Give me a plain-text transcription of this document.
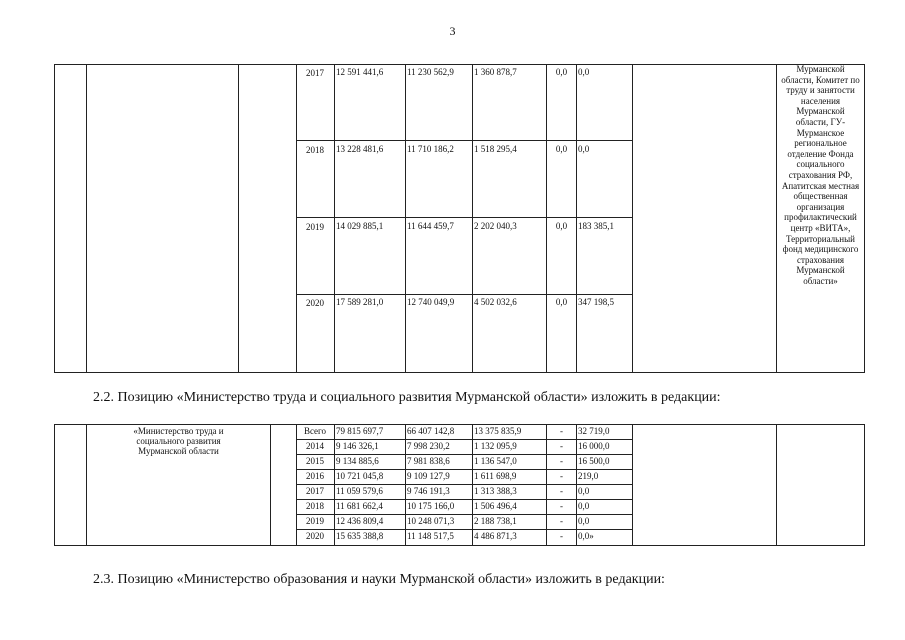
3
2017	12 591 441,6	11 230 562,9	1 360 878,7	0,0	0,0
2018	13 228 481,6	11 710 186,2	1 518 295,4	0,0	0,0
2019	14 029 885,1	11 644 459,7	2 202 040,3	0,0	183 385,1
2020	17 589 281,0	12 740 049,9	4 502 032,6	0,0	347 198,5
Мурманской
области, Комитет по
труду и занятости
населения
Мурманской
области, ГУ-
Мурманское
региональное
отделение Фонда
социального
страхования РФ,
Апатитская местная
общественная
организация
профилактический
центр «ВИТА»,
Территориальный
фонд медицинского
страхования
Мурманской
области»
2.2. Позицию «Министерство труда и социального развития Мурманской области» изложить в редакции:
«Министерство труда и
социального развития
Мурманской области
Всего	79 815 697,7	66 407 142,8	13 375 835,9	-	32 719,0
2014	9 146 326,1	7 998 230,2	1 132 095,9	-	16 000,0
2015	9 134 885,6	7 981 838,6	1 136 547,0	-	16 500,0
2016	10 721 045,8	9 109 127,9	1 611 698,9	-	219,0
2017	11 059 579,6	9 746 191,3	1 313 388,3	-	0,0
2018	11 681 662,4	10 175 166,0	1 506 496,4	-	0,0
2019	12 436 809,4	10 248 071,3	2 188 738,1	-	0,0
2020	15 635 388,8	11 148 517,5	4 486 871,3	-	0,0»
2.3. Позицию «Министерство образования и науки Мурманской области» изложить в редакции:
